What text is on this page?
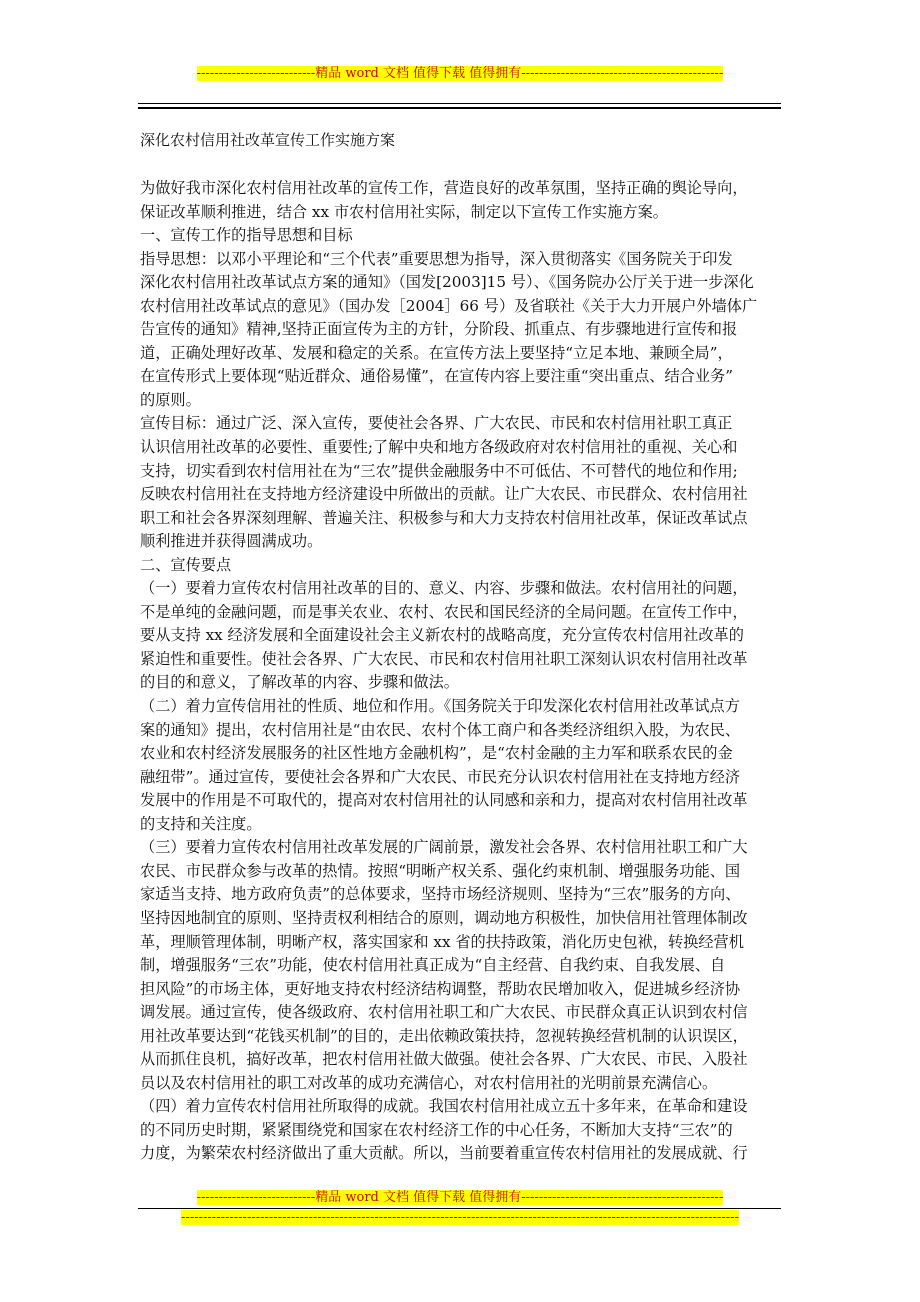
---------------------------精品 word 文档 值得下载 值得拥有----------------------------------------------
深化农村信用社改革宣传工作实施方案
为做好我市深化农村信用社改革的宣传工作，营造良好的改革氛围，坚持正确的舆论导向，
保证改革顺利推进，结合 xx 市农村信用社实际，制定以下宣传工作实施方案。
一、宣传工作的指导思想和目标
指导思想：以邓小平理论和“三个代表”重要思想为指导，深入贯彻落实《国务院关于印发
深化农村信用社改革试点方案的通知》（国发[2003]15 号）、《国务院办公厅关于进一步深化
农村信用社改革试点的意见》（国办发［2004］66 号）及省联社《关于大力开展户外墙体广
告宣传的通知》精神,坚持正面宣传为主的方针，分阶段、抓重点、有步骤地进行宣传和报
道，正确处理好改革、发展和稳定的关系。在宣传方法上要坚持“立足本地、兼顾全局”，
在宣传形式上要体现“贴近群众、通俗易懂”，在宣传内容上要注重“突出重点、结合业务”
的原则。
宣传目标：通过广泛、深入宣传，要使社会各界、广大农民、市民和农村信用社职工真正
认识信用社改革的必要性、重要性;了解中央和地方各级政府对农村信用社的重视、关心和
支持，切实看到农村信用社在为“三农”提供金融服务中不可低估、不可替代的地位和作用;
反映农村信用社在支持地方经济建设中所做出的贡献。让广大农民、市民群众、农村信用社
职工和社会各界深刻理解、普遍关注、积极参与和大力支持农村信用社改革，保证改革试点
顺利推进并获得圆满成功。
二、宣传要点
（一）要着力宣传农村信用社改革的目的、意义、内容、步骤和做法。农村信用社的问题，
不是单纯的金融问题，而是事关农业、农村、农民和国民经济的全局问题。在宣传工作中，
要从支持 xx 经济发展和全面建设社会主义新农村的战略高度，充分宣传农村信用社改革的
紧迫性和重要性。使社会各界、广大农民、市民和农村信用社职工深刻认识农村信用社改革
的目的和意义，了解改革的内容、步骤和做法。
（二）着力宣传信用社的性质、地位和作用。《国务院关于印发深化农村信用社改革试点方
案的通知》提出，农村信用社是“由农民、农村个体工商户和各类经济组织入股，为农民、
农业和农村经济发展服务的社区性地方金融机构”，是“农村金融的主力军和联系农民的金
融纽带”。通过宣传，要使社会各界和广大农民、市民充分认识农村信用社在支持地方经济
发展中的作用是不可取代的，提高对农村信用社的认同感和亲和力，提高对农村信用社改革
的支持和关注度。
（三）要着力宣传农村信用社改革发展的广阔前景，激发社会各界、农村信用社职工和广大
农民、市民群众参与改革的热情。按照“明晰产权关系、强化约束机制、增强服务功能、国
家适当支持、地方政府负责”的总体要求，坚持市场经济规则、坚持为“三农”服务的方向、
坚持因地制宜的原则、坚持责权利相结合的原则，调动地方积极性，加快信用社管理体制改
革，理顺管理体制，明晰产权，落实国家和 xx 省的扶持政策，消化历史包袱，转换经营机
制，增强服务“三农”功能，使农村信用社真正成为“自主经营、自我约束、自我发展、自
担风险”的市场主体，更好地支持农村经济结构调整，帮助农民增加收入，促进城乡经济协
调发展。通过宣传，使各级政府、农村信用社职工和广大农民、市民群众真正认识到农村信
用社改革要达到“花钱买机制”的目的，走出依赖政策扶持，忽视转换经营机制的认识误区，
从而抓住良机，搞好改革，把农村信用社做大做强。使社会各界、广大农民、市民、入股社
员以及农村信用社的职工对改革的成功充满信心，对农村信用社的光明前景充满信心。
（四）着力宣传农村信用社所取得的成就。我国农村信用社成立五十多年来，在革命和建设
的不同历史时期，紧紧围绕党和国家在农村经济工作的中心任务，不断加大支持“三农”的
力度，为繁荣农村经济做出了重大贡献。所以，当前要着重宣传农村信用社的发展成就、行
---------------------------精品 word 文档 值得下载 值得拥有----------------------------------------------
-------------------------------------------------------------------------------------------------------------------------------
